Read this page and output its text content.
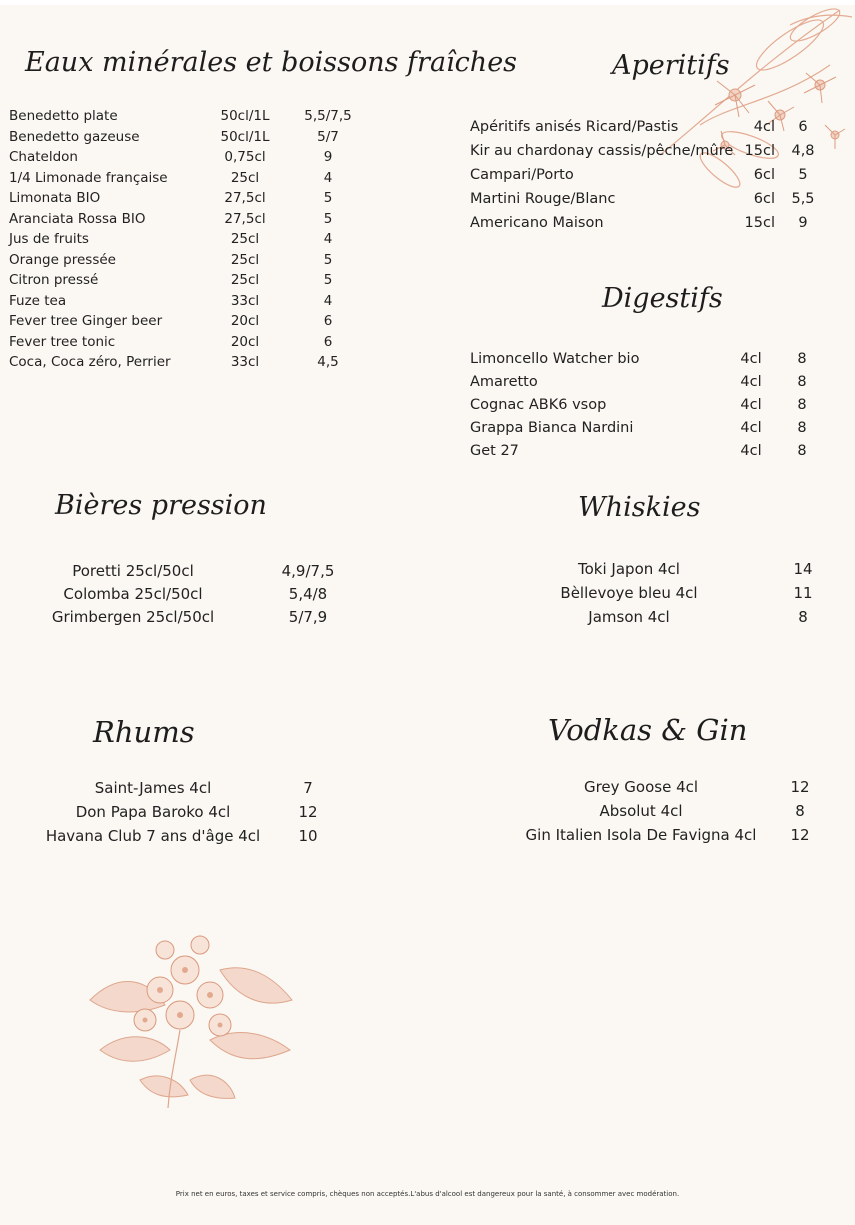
Eaux minérales et boissons fraîches	Aperitifs
Digestifs
Bières pression	Whiskies
Rhums	Vodkas & Gin
Benedetto plate	50cl/1L	5,5/7,5
Benedetto gazeuse	50cl/1L	5/7
Chateldon	0,75cl	9
1/4 Limonade française	25cl	4
Limonata BIO	27,5cl	5
Aranciata Rossa BIO	27,5cl	5
Jus de fruits	25cl	4
Orange pressée	25cl	5
Citron pressé	25cl	5
Fuze tea	33cl	4
Fever tree Ginger beer	20cl	6
Fever tree tonic	20cl	6
Coca, Coca zéro, Perrier	33cl	4,5
Apéritifs anisés Ricard/Pastis	4cl 6
Kir au chardonay cassis/pêche/mûre 15cl 4,8
Campari/Porto	6cl 5
Martini Rouge/Blanc	6cl 5,5
Americano Maison	15cl 9
Limoncello Watcher bio	4cl 8
Amaretto	4cl 8
Cognac ABK6 vsop	4cl 8
Grappa Bianca Nardini	4cl 8
Get 27	4cl 8
Poretti 25cl/50cl	4,9/7,5
Colomba 25cl/50cl	5,4/8
Grimbergen 25cl/50cl	5/7,9
Toki Japon 4cl	14
Bèllevoye bleu 4cl	11
Jamson 4cl	8
Saint-James 4cl	7
Don Papa Baroko 4cl	12
Havana Club 7 ans d'âge 4cl	10
Grey Goose 4cl	12
Absolut 4cl	8
Gin Italien Isola De Favigna 4cl 12
Prix net en euros, taxes et service compris, chèques non acceptés.L'abus d'alcool est dangereux pour la santé, à consommer avec modération.
